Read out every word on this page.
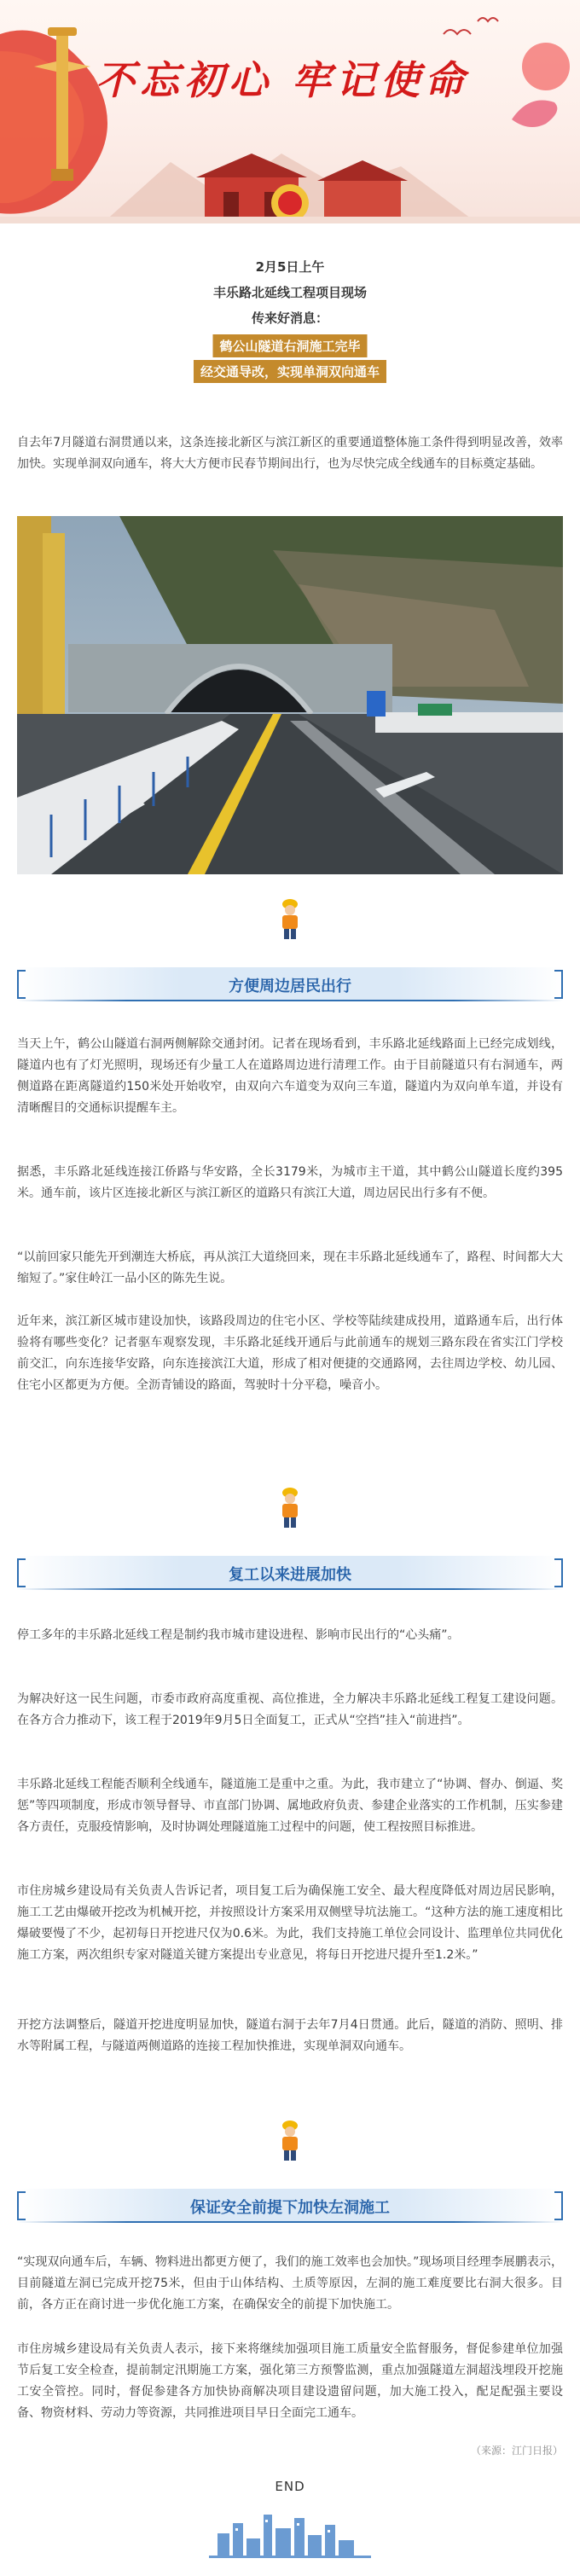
不忘初心 牢记使命
2月5日上午
丰乐路北延线工程项目现场
传来好消息：
鹤公山隧道右洞施工完毕
经交通导改，实现单洞双向通车
自去年7月隧道右洞贯通以来，这条连接北新区与滨江新区的重要通道整体施工条件得到明显改善，效率加快。实现单洞双向通车，将大大方便市民春节期间出行，也为尽快完成全线通车的目标奠定基础。
方便周边居民出行
当天上午，鹤公山隧道右洞两侧解除交通封闭。记者在现场看到，丰乐路北延线路面上已经完成划线，隧道内也有了灯光照明，现场还有少量工人在道路周边进行清理工作。由于目前隧道只有右洞通车，两侧道路在距离隧道约150米处开始收窄，由双向六车道变为双向三车道，隧道内为双向单车道，并设有清晰醒目的交通标识提醒车主。
据悉，丰乐路北延线连接江侨路与华安路，全长3179米，为城市主干道，其中鹤公山隧道长度约395米。通车前，该片区连接北新区与滨江新区的道路只有滨江大道，周边居民出行多有不便。
“以前回家只能先开到潮连大桥底，再从滨江大道绕回来，现在丰乐路北延线通车了，路程、时间都大大缩短了。”家住岭江一品小区的陈先生说。
近年来，滨江新区城市建设加快，该路段周边的住宅小区、学校等陆续建成投用，道路通车后，出行体验将有哪些变化？记者驱车观察发现，丰乐路北延线开通后与此前通车的规划三路东段在省实江门学校前交汇，向东连接华安路，向东连接滨江大道，形成了相对便捷的交通路网，去往周边学校、幼儿园、住宅小区都更为方便。全沥青铺设的路面，驾驶时十分平稳，噪音小。
复工以来进展加快
停工多年的丰乐路北延线工程是制约我市城市建设进程、影响市民出行的“心头痛”。
为解决好这一民生问题，市委市政府高度重视、高位推进，全力解决丰乐路北延线工程复工建设问题。在各方合力推动下，该工程于2019年9月5日全面复工，正式从“空挡”挂入“前进挡”。
丰乐路北延线工程能否顺利全线通车，隧道施工是重中之重。为此，我市建立了“协调、督办、倒逼、奖惩”等四项制度，形成市领导督导、市直部门协调、属地政府负责、参建企业落实的工作机制，压实参建各方责任，克服疫情影响，及时协调处理隧道施工过程中的问题，使工程按照目标推进。
市住房城乡建设局有关负责人告诉记者，项目复工后为确保施工安全、最大程度降低对周边居民影响，施工工艺由爆破开挖改为机械开挖，并按照设计方案采用双侧壁导坑法施工。“这种方法的施工速度相比爆破要慢了不少，起初每日开挖进尺仅为0.6米。为此，我们支持施工单位会同设计、监理单位共同优化施工方案，两次组织专家对隧道关键方案提出专业意见，将每日开挖进尺提升至1.2米。”
开挖方法调整后，隧道开挖进度明显加快，隧道右洞于去年7月4日贯通。此后，隧道的消防、照明、排水等附属工程，与隧道两侧道路的连接工程加快推进，实现单洞双向通车。
保证安全前提下加快左洞施工
“实现双向通车后，车辆、物料进出都更方便了，我们的施工效率也会加快。”现场项目经理李展鹏表示，目前隧道左洞已完成开挖75米，但由于山体结构、土质等原因，左洞的施工难度要比右洞大很多。目前，各方正在商讨进一步优化施工方案，在确保安全的前提下加快施工。
市住房城乡建设局有关负责人表示，接下来将继续加强项目施工质量安全监督服务，督促参建单位加强节后复工安全检查，提前制定汛期施工方案，强化第三方预警监测，重点加强隧道左洞超浅埋段开挖施工安全管控。同时，督促参建各方加快协商解决项目建设遗留问题，加大施工投入，配足配强主要设备、物资材料、劳动力等资源，共同推进项目早日全面完工通车。
（来源：江门日报）
END
